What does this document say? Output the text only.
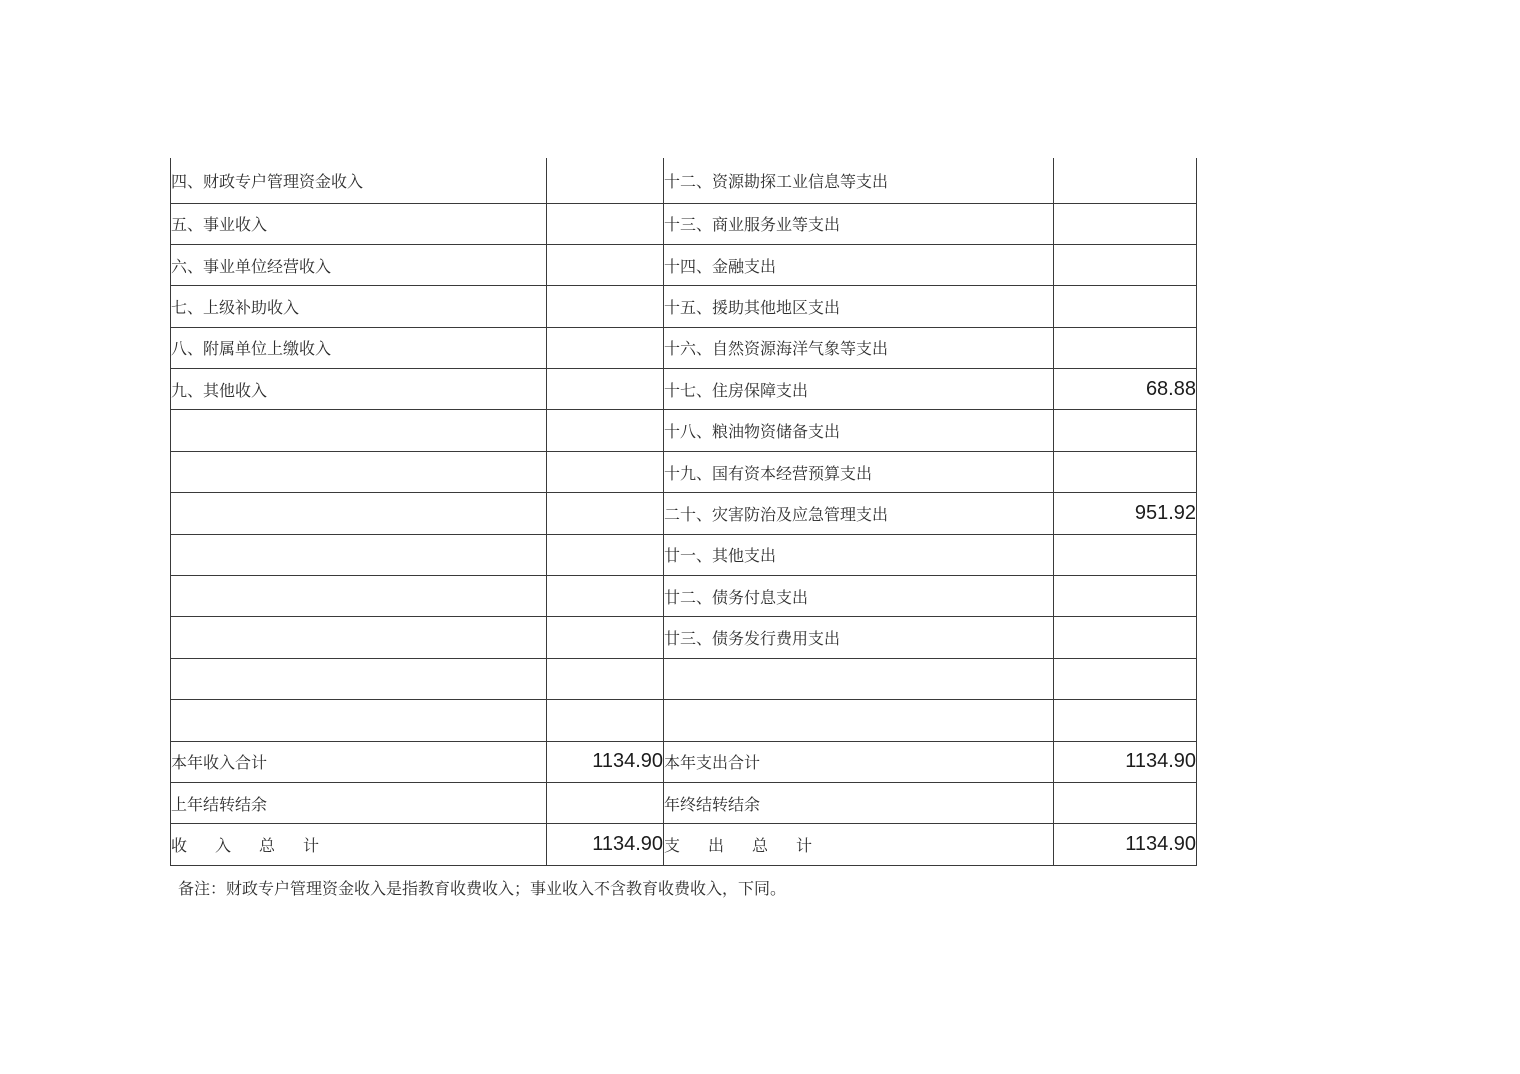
四、财政专户管理资金收入		十二、资源勘探工业信息等支出	
五、事业收入		十三、商业服务业等支出	
六、事业单位经营收入		十四、金融支出	
七、上级补助收入		十五、援助其他地区支出	
八、附属单位上缴收入		十六、自然资源海洋气象等支出	
九、其他收入		十七、住房保障支出	68.88
		十八、粮油物资储备支出	
		十九、国有资本经营预算支出	
		二十、灾害防治及应急管理支出	951.92
		廿一、其他支出	
		廿二、债务付息支出	
		廿三、债务发行费用支出	

本年收入合计	1134.90	本年支出合计	1134.90
上年结转结余		年终结转结余	
收入总计	1134.90	支出总计	1134.90
备注：财政专户管理资金收入是指教育收费收入；事业收入不含教育收费收入，下同。
